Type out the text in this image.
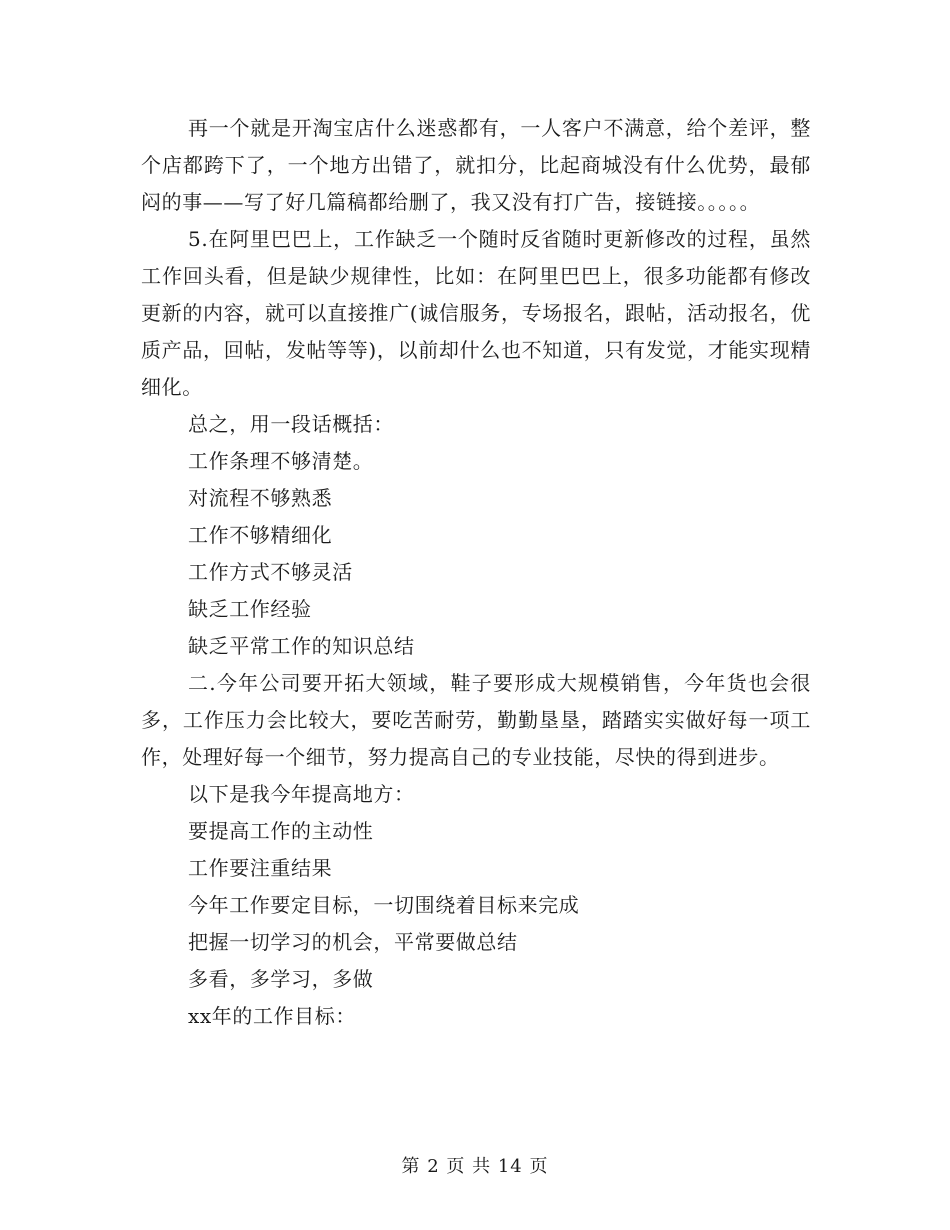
再一个就是开淘宝店什么迷惑都有，一人客户不满意，给个差评，整个店都跨下了，一个地方出错了，就扣分，比起商城没有什么优势，最郁闷的事——写了好几篇稿都给删了，我又没有打广告，接链接。。。。。

5.在阿里巴巴上，工作缺乏一个随时反省随时更新修改的过程，虽然工作回头看，但是缺少规律性，比如：在阿里巴巴上，很多功能都有修改更新的内容，就可以直接推广(诚信服务，专场报名，跟帖，活动报名，优质产品，回帖，发帖等等)，以前却什么也不知道，只有发觉，才能实现精细化。

总之，用一段话概括：

工作条理不够清楚。

对流程不够熟悉

工作不够精细化

工作方式不够灵活

缺乏工作经验

缺乏平常工作的知识总结

二.今年公司要开拓大领域，鞋子要形成大规模销售，今年货也会很多，工作压力会比较大，要吃苦耐劳，勤勤垦垦，踏踏实实做好每一项工作，处理好每一个细节，努力提高自己的专业技能，尽快的得到进步。

以下是我今年提高地方：

要提高工作的主动性

工作要注重结果

今年工作要定目标，一切围绕着目标来完成

把握一切学习的机会，平常要做总结

多看，多学习，多做

xx年的工作目标：

第 2 页 共 14 页
